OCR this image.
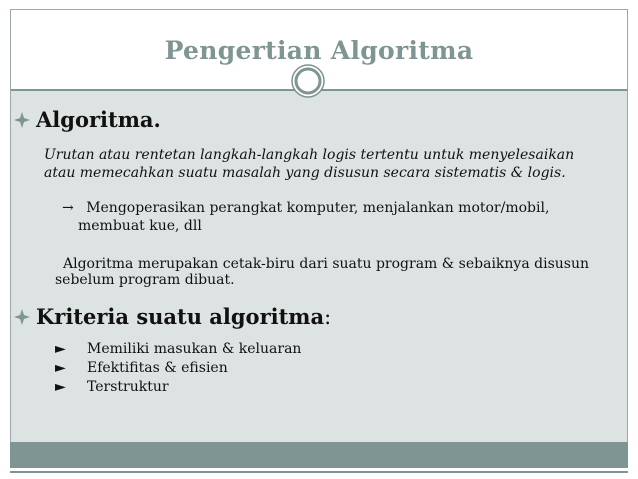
Pengertian Algoritma
Algoritma.
Urutan atau rentetan langkah-langkah logis tertentu untuk menyelesaikan
atau memecahkan suatu masalah yang disusun secara sistematis & logis.
→ Mengoperasikan perangkat komputer, menjalankan motor/mobil,
membuat kue, dll
Algoritma merupakan cetak-biru dari suatu program & sebaiknya disusun
sebelum program dibuat.
Kriteria suatu algoritma :
►	Memiliki masukan & keluaran
►	Efektifitas & efisien
►	Terstruktur
